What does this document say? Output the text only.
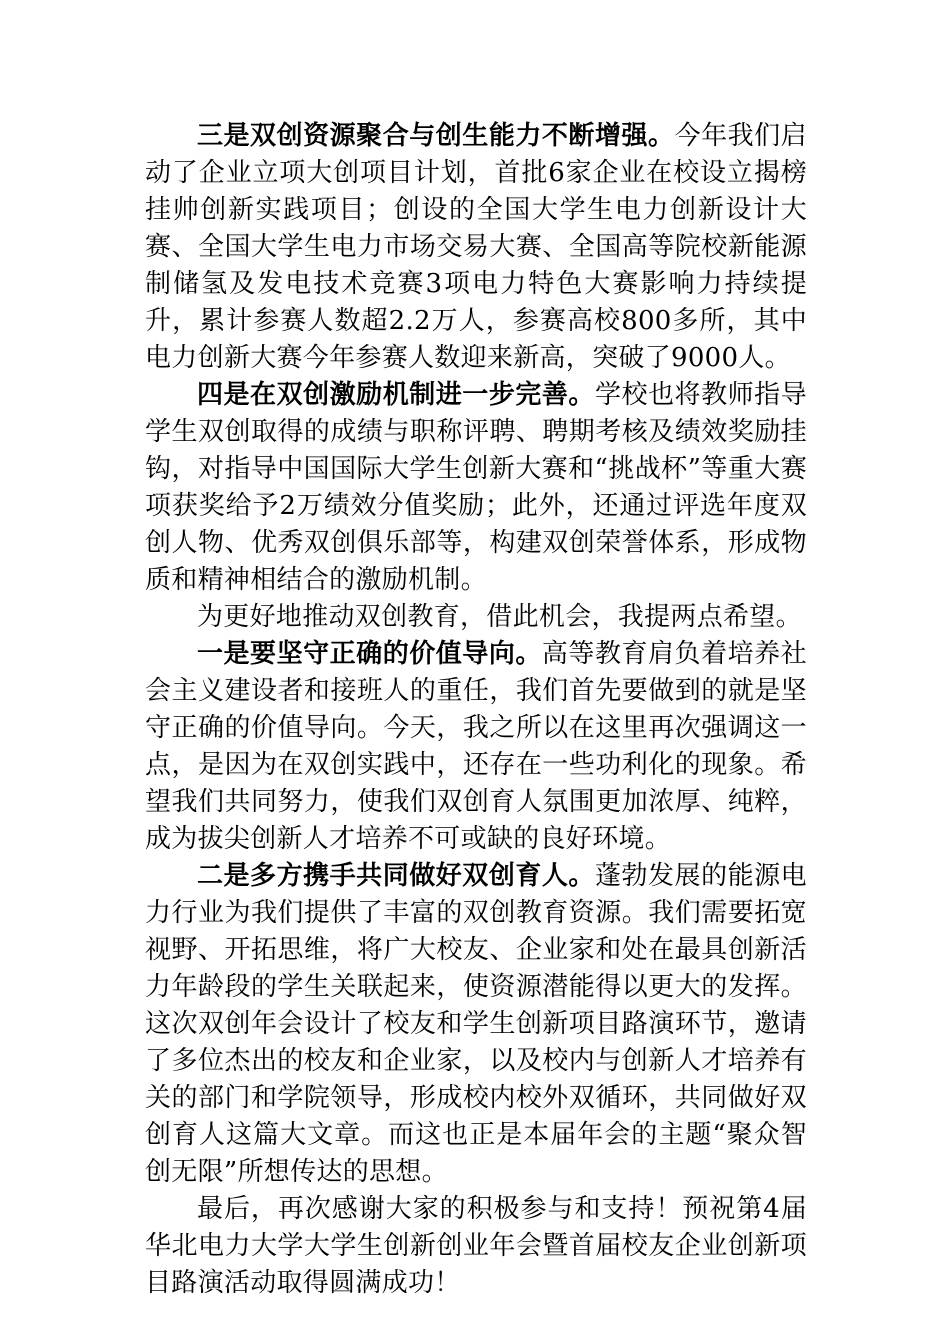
三是双创资源聚合与创生能力不断增强。今年我们启动了企业立项大创项目计划，首批6家企业在校设立揭榜挂帅创新实践项目；创设的全国大学生电力创新设计大赛、全国大学生电力市场交易大赛、全国高等院校新能源制储氢及发电技术竞赛3项电力特色大赛影响力持续提升，累计参赛人数超2.2万人，参赛高校800多所，其中电力创新大赛今年参赛人数迎来新高，突破了9000人。

四是在双创激励机制进一步完善。学校也将教师指导学生双创取得的成绩与职称评聘、聘期考核及绩效奖励挂钩，对指导中国国际大学生创新大赛和“挑战杯”等重大赛项获奖给予2万绩效分值奖励；此外，还通过评选年度双创人物、优秀双创俱乐部等，构建双创荣誉体系，形成物质和精神相结合的激励机制。

为更好地推动双创教育，借此机会，我提两点希望。

一是要坚守正确的价值导向。高等教育肩负着培养社会主义建设者和接班人的重任，我们首先要做到的就是坚守正确的价值导向。今天，我之所以在这里再次强调这一点，是因为在双创实践中，还存在一些功利化的现象。希望我们共同努力，使我们双创育人氛围更加浓厚、纯粹，成为拔尖创新人才培养不可或缺的良好环境。

二是多方携手共同做好双创育人。蓬勃发展的能源电力行业为我们提供了丰富的双创教育资源。我们需要拓宽视野、开拓思维，将广大校友、企业家和处在最具创新活力年龄段的学生关联起来，使资源潜能得以更大的发挥。这次双创年会设计了校友和学生创新项目路演环节，邀请了多位杰出的校友和企业家，以及校内与创新人才培养有关的部门和学院领导，形成校内校外双循环，共同做好双创育人这篇大文章。而这也正是本届年会的主题“聚众智创无限”所想传达的思想。

最后，再次感谢大家的积极参与和支持！预祝第4届华北电力大学大学生创新创业年会暨首届校友企业创新项目路演活动取得圆满成功！
